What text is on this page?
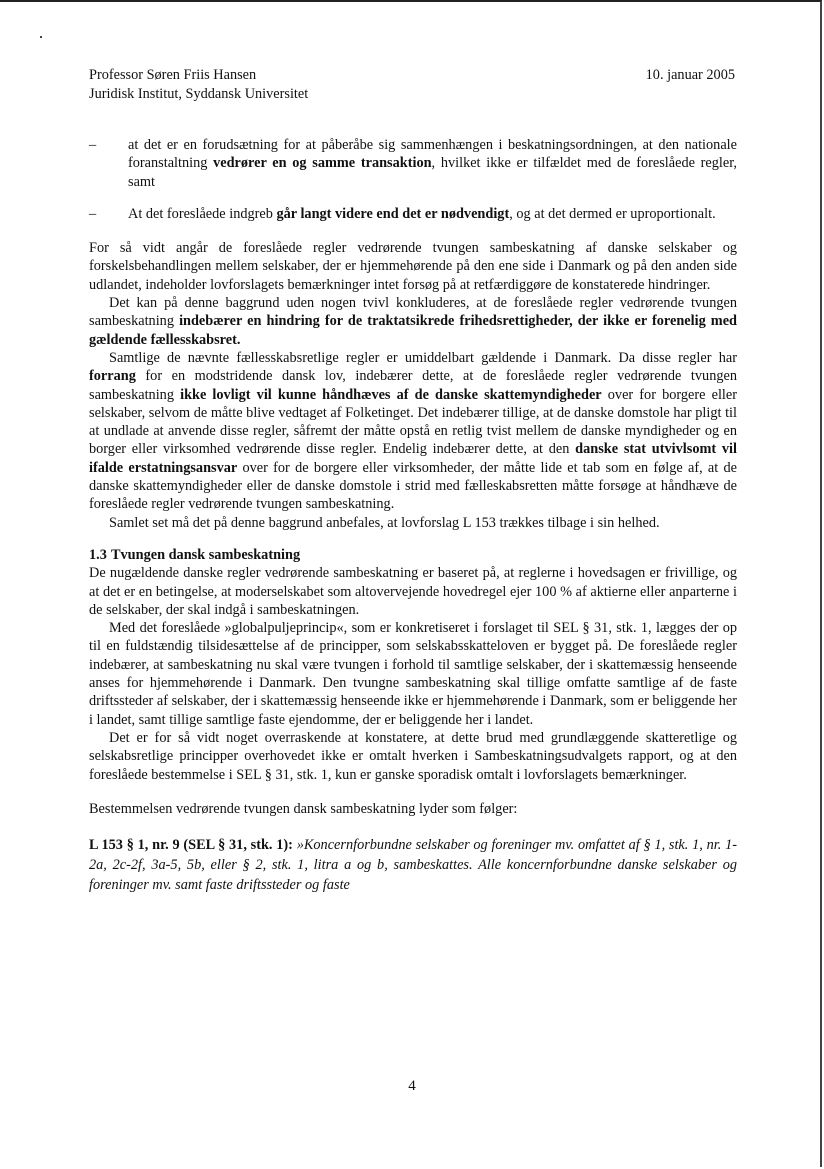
Professor Søren Friis Hansen
Juridisk Institut, Syddansk Universitet
10. januar 2005
–	at det er en forudsætning for at påberåbe sig sammenhængen i beskatningsordningen, at den nationale foranstaltning vedrører en og samme transaktion, hvilket ikke er tilfældet med de foreslåede regler, samt
–	At det foreslåede indgreb går langt videre end det er nødvendigt, og at det dermed er uproportionalt.

For så vidt angår de foreslåede regler vedrørende tvungen sambeskatning af danske selskaber og forskelsbehandlingen mellem selskaber, der er hjemmehørende på den ene side i Danmark og på den anden side udlandet, indeholder lovforslagets bemærkninger intet forsøg på at retfærdiggøre de konstaterede hindringer.

Det kan på denne baggrund uden nogen tvivl konkluderes, at de foreslåede regler vedrørende tvungen sambeskatning indebærer en hindring for de traktatsikrede frihedsrettigheder, der ikke er forenelig med gældende fællesskabsret.

Samtlige de nævnte fællesskabsretlige regler er umiddelbart gældende i Danmark. Da disse regler har forrang for en modstridende dansk lov, indebærer dette, at de foreslåede regler vedrørende tvungen sambeskatning ikke lovligt vil kunne håndhæves af de danske skattemyndigheder over for borgere eller selskaber, selvom de måtte blive vedtaget af Folketinget. Det indebærer tillige, at de danske domstole har pligt til at undlade at anvende disse regler, såfremt der måtte opstå en retlig tvist mellem de danske myndigheder og en borger eller virksomhed vedrørende disse regler. Endelig indebærer dette, at den danske stat utvivlsomt vil ifalde erstatningsansvar over for de borgere eller virksomheder, der måtte lide et tab som en følge af, at de danske skattemyndigheder eller de danske domstole i strid med fælleskabsretten måtte forsøge at håndhæve de foreslåede regler vedrørende tvungen sambeskatning.

Samlet set må det på denne baggrund anbefales, at lovforslag L 153 trækkes tilbage i sin helhed.

1.3 Tvungen dansk sambeskatning

De nugældende danske regler vedrørende sambeskatning er baseret på, at reglerne i hovedsagen er frivillige, og at det er en betingelse, at moderselskabet som altovervejende hovedregel ejer 100 % af aktierne eller anparterne i de selskaber, der skal indgå i sambeskatningen.

Med det foreslåede »globalpuljeprincip«, som er konkretiseret i forslaget til SEL § 31, stk. 1, lægges der op til en fuldstændig tilsidesættelse af de principper, som selskabsskatteloven er bygget på. De foreslåede regler indebærer, at sambeskatning nu skal være tvungen i forhold til samtlige selskaber, der i skattemæssig henseende anses for hjemmehørende i Danmark. Den tvungne sambeskatning skal tillige omfatte samtlige af de faste driftssteder af selskaber, der i skattemæssig henseende ikke er hjemmehørende i Danmark, som er beliggende her i landet, samt tillige samtlige faste ejendomme, der er beliggende her i landet.

Det er for så vidt noget overraskende at konstatere, at dette brud med grundlæggende skatteretlige og selskabsretlige principper overhovedet ikke er omtalt hverken i Sambeskatningsudvalgets rapport, og at den foreslåede bestemmelse i SEL § 31, stk. 1, kun er ganske sporadisk omtalt i lovforslagets bemærkninger.

Bestemmelsen vedrørende tvungen dansk sambeskatning lyder som følger:

L 153 § 1, nr. 9 (SEL § 31, stk. 1): »Koncernforbundne selskaber og foreninger mv. omfattet af § 1, stk. 1, nr. 1-2a, 2c-2f, 3a-5, 5b, eller § 2, stk. 1, litra a og b, sambeskattes. Alle koncernforbundne danske selskaber og foreninger mv. samt faste driftssteder og faste

4
